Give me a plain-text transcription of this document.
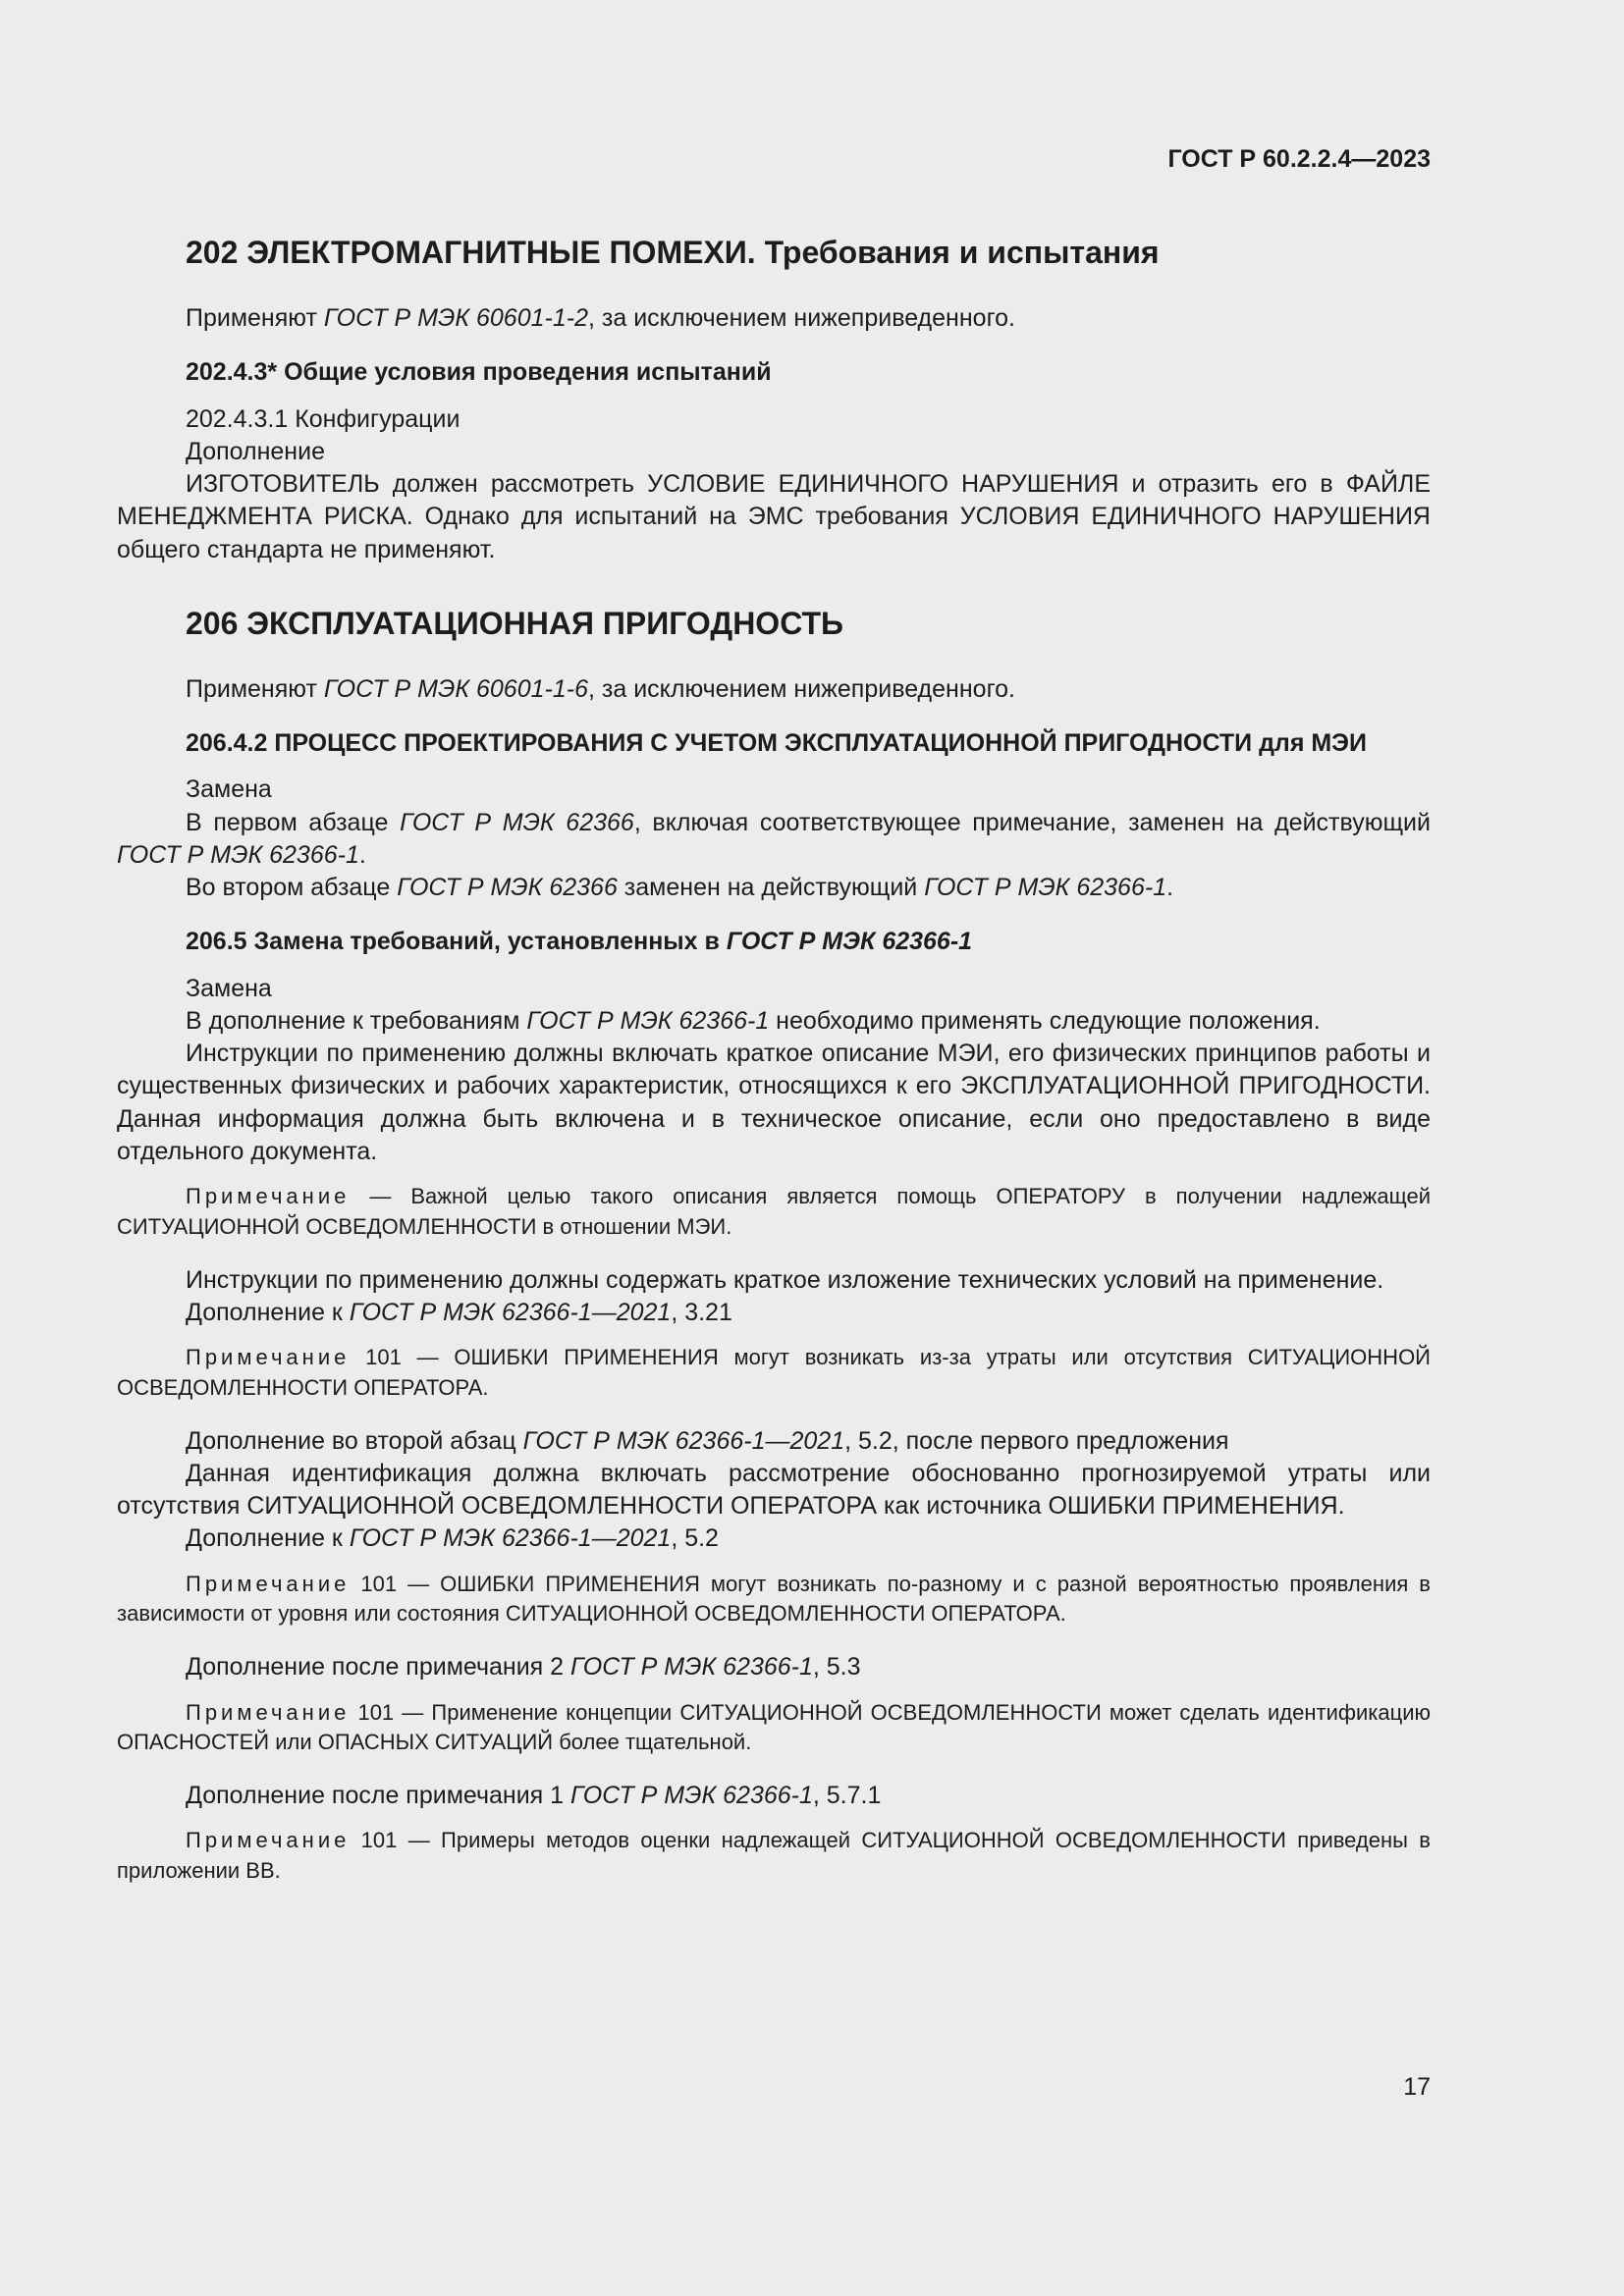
ГОСТ Р 60.2.2.4—2023
202 ЭЛЕКТРОМАГНИТНЫЕ ПОМЕХИ. Требования и испытания

Применяют ГОСТ Р МЭК 60601-1-2, за исключением нижеприведенного.

202.4.3* Общие условия проведения испытаний

202.4.3.1 Конфигурации

Дополнение

ИЗГОТОВИТЕЛЬ должен рассмотреть УСЛОВИЕ ЕДИНИЧНОГО НАРУШЕНИЯ и отразить его в ФАЙЛЕ МЕНЕДЖМЕНТА РИСКА. Однако для испытаний на ЭМС требования УСЛОВИЯ ЕДИНИЧНОГО НАРУШЕНИЯ общего стандарта не применяют.

206 ЭКСПЛУАТАЦИОННАЯ ПРИГОДНОСТЬ

Применяют ГОСТ Р МЭК 60601-1-6, за исключением нижеприведенного.

206.4.2 ПРОЦЕСС ПРОЕКТИРОВАНИЯ С УЧЕТОМ ЭКСПЛУАТАЦИОННОЙ ПРИГОДНОСТИ для МЭИ

Замена

В первом абзаце ГОСТ Р МЭК 62366, включая соответствующее примечание, заменен на действующий ГОСТ Р МЭК 62366-1.

Во втором абзаце ГОСТ Р МЭК 62366 заменен на действующий ГОСТ Р МЭК 62366-1.

206.5 Замена требований, установленных в ГОСТ Р МЭК 62366-1

Замена

В дополнение к требованиям ГОСТ Р МЭК 62366-1 необходимо применять следующие положения.

Инструкции по применению должны включать краткое описание МЭИ, его физических принципов работы и существенных физических и рабочих характеристик, относящихся к его ЭКСПЛУАТАЦИОННОЙ ПРИГОДНОСТИ. Данная информация должна быть включена и в техническое описание, если оно предоставлено в виде отдельного документа.

Примечание — Важной целью такого описания является помощь ОПЕРАТОРУ в получении надлежащей СИТУАЦИОННОЙ ОСВЕДОМЛЕННОСТИ в отношении МЭИ.

Инструкции по применению должны содержать краткое изложение технических условий на применение.

Дополнение к ГОСТ Р МЭК 62366-1—2021, 3.21

Примечание 101 — ОШИБКИ ПРИМЕНЕНИЯ могут возникать из-за утраты или отсутствия СИТУАЦИОННОЙ ОСВЕДОМЛЕННОСТИ ОПЕРАТОРА.

Дополнение во второй абзац ГОСТ Р МЭК 62366-1—2021, 5.2, после первого предложения

Данная идентификация должна включать рассмотрение обоснованно прогнозируемой утраты или отсутствия СИТУАЦИОННОЙ ОСВЕДОМЛЕННОСТИ ОПЕРАТОРА как источника ОШИБКИ ПРИМЕНЕНИЯ.

Дополнение к ГОСТ Р МЭК 62366-1—2021, 5.2

Примечание 101 — ОШИБКИ ПРИМЕНЕНИЯ могут возникать по-разному и с разной вероятностью проявления в зависимости от уровня или состояния СИТУАЦИОННОЙ ОСВЕДОМЛЕННОСТИ ОПЕРАТОРА.

Дополнение после примечания 2 ГОСТ Р МЭК 62366-1, 5.3

Примечание 101 — Применение концепции СИТУАЦИОННОЙ ОСВЕДОМЛЕННОСТИ может сделать идентификацию ОПАСНОСТЕЙ или ОПАСНЫХ СИТУАЦИЙ более тщательной.

Дополнение после примечания 1 ГОСТ Р МЭК 62366-1, 5.7.1

Примечание 101 — Примеры методов оценки надлежащей СИТУАЦИОННОЙ ОСВЕДОМЛЕННОСТИ приведены в приложении ВВ.

17
